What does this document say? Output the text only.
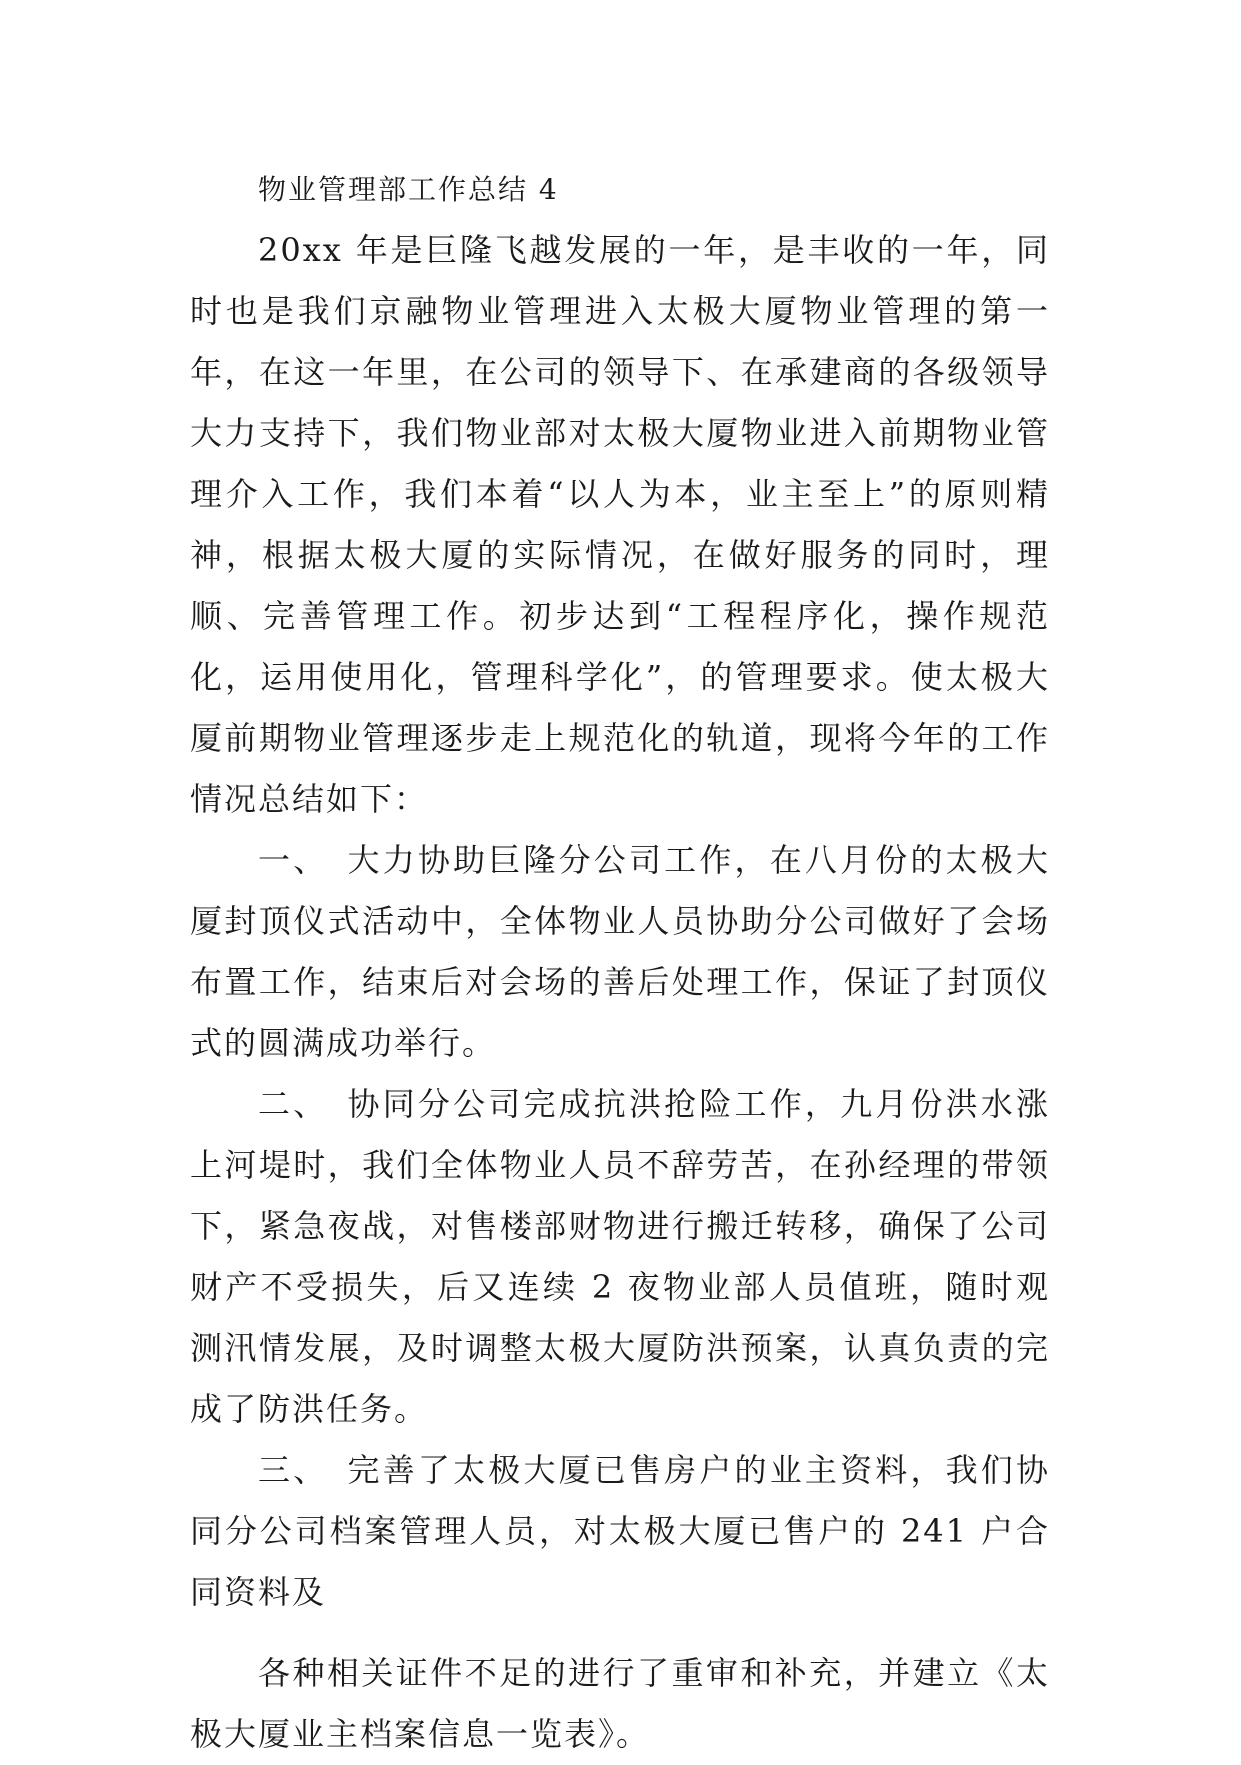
物业管理部工作总结 4

20xx 年是巨隆飞越发展的一年，是丰收的一年，同时也是我们京融物业管理进入太极大厦物业管理的第一年，在这一年里，在公司的领导下、在承建商的各级领导大力支持下，我们物业部对太极大厦物业进入前期物业管理介入工作，我们本着“以人为本，业主至上”的原则精神，根据太极大厦的实际情况，在做好服务的同时，理顺、完善管理工作。初步达到“工程程序化，操作规范化，运用使用化，管理科学化”，的管理要求。使太极大厦前期物业管理逐步走上规范化的轨道，现将今年的工作情况总结如下：

一、　大力协助巨隆分公司工作，在八月份的太极大厦封顶仪式活动中，全体物业人员协助分公司做好了会场布置工作，结束后对会场的善后处理工作，保证了封顶仪式的圆满成功举行。

二、　协同分公司完成抗洪抢险工作，九月份洪水涨上河堤时，我们全体物业人员不辞劳苦，在孙经理的带领下，紧急夜战，对售楼部财物进行搬迁转移，确保了公司财产不受损失，后又连续 2 夜物业部人员值班，随时观测汛情发展，及时调整太极大厦防洪预案，认真负责的完成了防洪任务。

三、　完善了太极大厦已售房户的业主资料，我们协同分公司档案管理人员，对太极大厦已售户的 241 户合同资料及

各种相关证件不足的进行了重审和补充，并建立《太极大厦业主档案信息一览表》。
